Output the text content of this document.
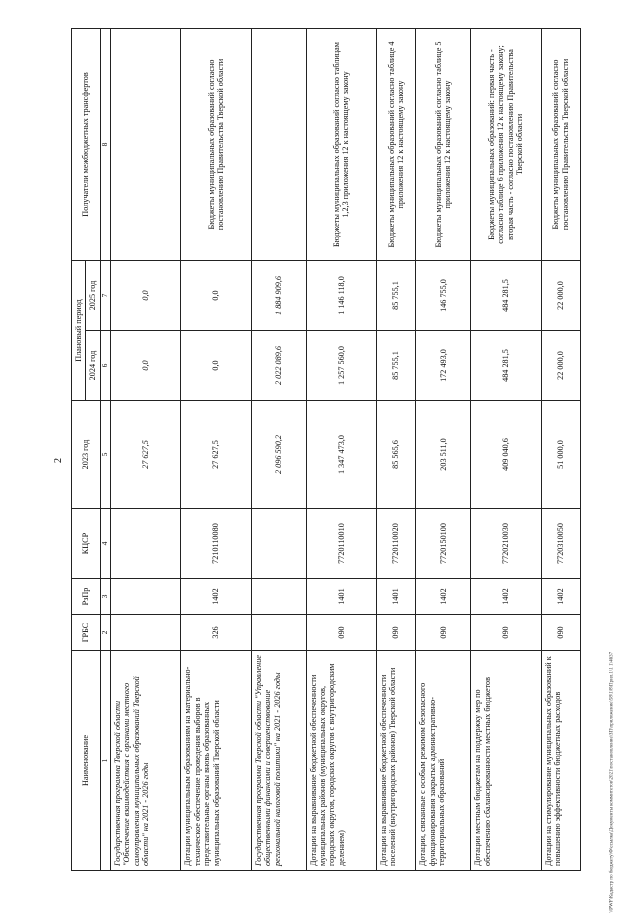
2
\\PWF\Кадастр по бюджету\Ф\ссылка\Документы коммитетов\2021\постановление\ЗП\приложение\58\1\8\Прил.1\1 1\4637
Наименование	ГРБС	РзПр	КЦСР	2023 год	Плановый период		Получатели межбюджетных трансфертов
					2024 год	2025 год	
1	2	3	4	5	6	7	8
Государственная программа Тверской области "Обеспечение взаимодействия с органами местного самоуправления муниципальных образований Тверской области" на 2021 - 2026 годы				27 627,5	0,0	0,0	
Дотации муниципальным образованиям на материально-техническое обеспечение проведения выборов в представительные органы вновь образованных муниципальных образований Тверской области	326	1402	7210110080	27 627,5	0,0	0,0	Бюджеты муниципальных образований согласно постановлению Правительства Тверской области
Государственная программа Тверской области "Управление общественными финансами и совершенствование региональной налоговой политики" на 2021 - 2026 годы				2 096 590,2	2 022 089,6	1 884 909,6	
Дотации на выравнивание бюджетной обеспеченности муниципальных районов (муниципальных округов, городских округов, городских округов с внутригородским делением)	090	1401	7720110010	1 347 473,0	1 257 560,0	1 146 118,0	Бюджеты муниципальных образований согласно таблицам 1,2,3 приложения 12 к настоящему закону
Дотации на выравнивание бюджетной обеспеченности поселений (внутригородских районов) Тверской области	090	1401	7720110020	85 565,6	85 755,1	85 755,1	Бюджеты муниципальных образований согласно таблице 4 приложения 12 к настоящему закону
Дотации, связанные с особым режимом безопасного функционирования закрытых административно-территориальных образований	090	1402	7720150100	203 511,0	172 493,0	146 755,0	Бюджеты муниципальных образований согласно таблице 5 приложения 12 к настоящему закону
Дотации местным бюджетам на поддержку мер по обеспечению сбалансированности местных бюджетов	090	1402	7720210030	409 040,6	484 281,5	484 281,5	Бюджеты муниципальных образований: первая часть - согласно таблице 6 приложения 12 к настоящему закону; вторая часть - согласно постановлению Правительства Тверской области
Дотации на стимулирование муниципальных образований к повышению эффективности бюджетных расходов	090	1402	7720310050	51 000,0	22 000,0	22 000,0	Бюджеты муниципальных образований согласно постановлению Правительства Тверской области
